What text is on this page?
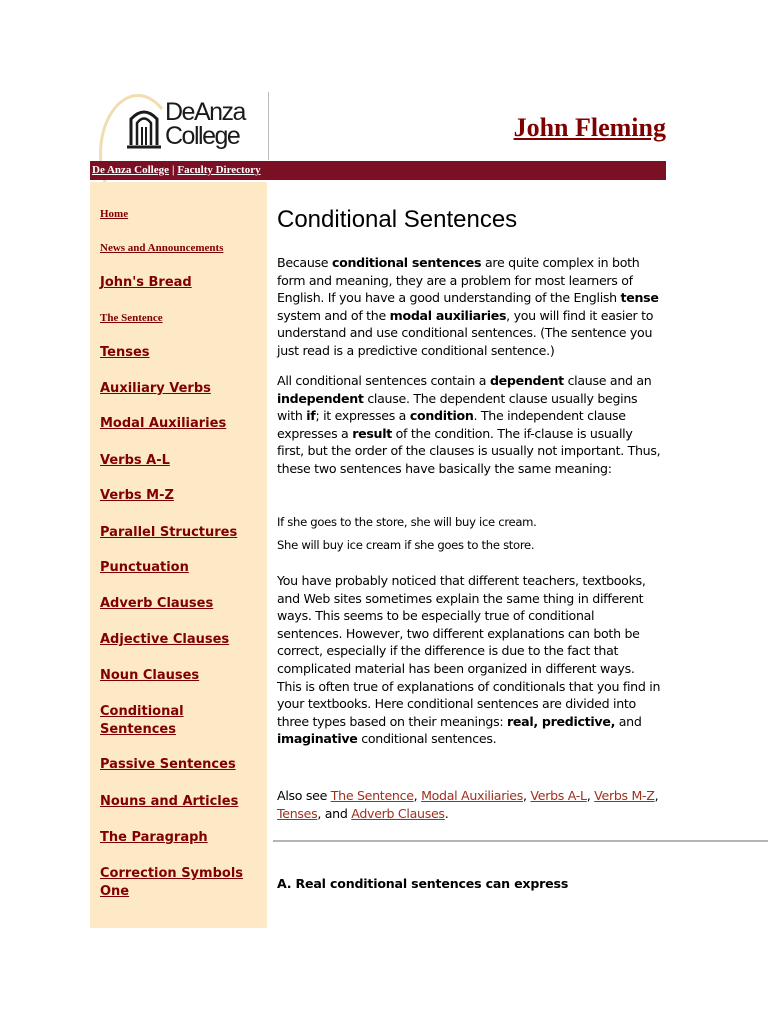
DeAnza
College	John Fleming
De Anza College | Faculty Directory
Home
News and Announcements
John's Bread
The Sentence
Tenses
Auxiliary Verbs
Modal Auxiliaries
Verbs A-L
Verbs M-Z
Parallel Structures
Punctuation
Adverb Clauses
Adjective Clauses
Noun Clauses
Conditional Sentences
Passive Sentences
Nouns and Articles
The Paragraph
Correction Symbols One
Conditional Sentences

Because conditional sentences are quite complex in both form and meaning, they are a problem for most learners of English. If you have a good understanding of the English tense system and of the modal auxiliaries, you will find it easier to understand and use conditional sentences. (The sentence you just read is a predictive conditional sentence.)

All conditional sentences contain a dependent clause and an independent clause. The dependent clause usually begins with if; it expresses a condition. The independent clause expresses a result of the condition. The if-clause is usually first, but the order of the clauses is usually not important. Thus, these two sentences have basically the same meaning:

If she goes to the store, she will buy ice cream.

She will buy ice cream if she goes to the store.

You have probably noticed that different teachers, textbooks, and Web sites sometimes explain the same thing in different ways. This seems to be especially true of conditional sentences. However, two different explanations can both be correct, especially if the difference is due to the fact that complicated material has been organized in different ways. This is often true of explanations of conditionals that you find in your textbooks. Here conditional sentences are divided into three types based on their meanings: real, predictive, and imaginative conditional sentences.

Also see The Sentence, Modal Auxiliaries, Verbs A-L, Verbs M-Z, Tenses, and Adverb Clauses.

A. Real conditional sentences can express
